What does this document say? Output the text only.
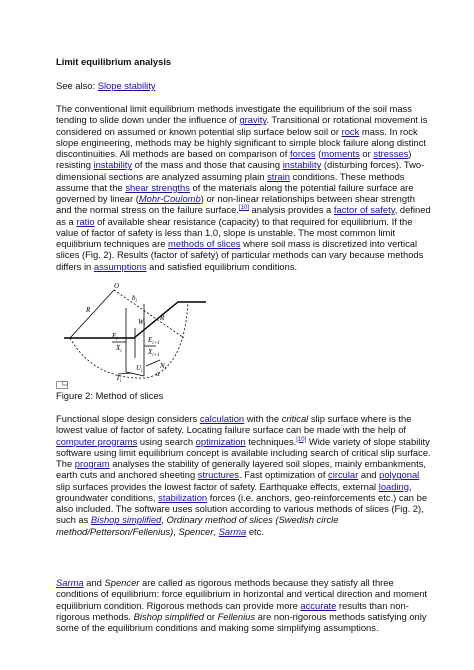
Limit equilibrium analysis
See also: Slope stability

The conventional limit equilibrium methods investigate the equilibrium of the soil mass tending to slide down under the influence of gravity. Transitional or rotational movement is considered on assumed or known potential slip surface below soil or rock mass. In rock slope engineering, methods may be highly significant to simple block failure along distinct discontinuities. All methods are based on comparison of forces (moments or stresses) resisting instability of the mass and those that causing instability (disturbing forces). Two-dimensional sections are analyzed assuming plain strain conditions. These methods assume that the shear strengths of the materials along the potential failure surface are governed by linear (Mohr-Coulomb) or non-linear relationships between shear strength and the normal stress on the failure surface.[10] analysis provides a factor of safety, defined as a ratio of available shear resistance (capacity) to that required for equilibrium. If the value of factor of safety is less than 1.0, slope is unstable. The most common limit equilibrium techniques are methods of slices where soil mass is discretized into vertical slices (Fig. 2). Results (factor of safety) of particular methods can vary because methods differs in assumptions and satisfied equilibrium conditions.

O
R
R
$b_i$
$W_i$
$E_i$
$X_i$
$E_{i+1}$
$X_{i+1}$
$T_i$
$N_i$
$U_i$ α
Figure 2: Method of slices

Functional slope design considers calculation with the critical slip surface where is the lowest value of factor of safety. Locating failure surface can be made with the help of computer programs using search optimization techniques.[10] Wide variety of slope stability software using limit equilibrium concept is available including search of critical slip surface. The program analyses the stability of generally layered soil slopes, mainly embankments, earth cuts and anchored sheeting structures. Fast optimization of circular and polygonal slip surfaces provides the lowest factor of safety. Earthquake effects, external loading, groundwater conditions, stabilization forces (i.e. anchors, geo-reinforcements etc.) can be also included. The software uses solution according to various methods of slices (Fig. 2), such as Bishop simplified, Ordinary method of slices (Swedish circle method/Petterson/Fellenius), Spencer, Sarma etc.

Sarma and Spencer are called as rigorous methods because they satisfy all three conditions of equilibrium: force equilibrium in horizontal and vertical direction and moment equilibrium condition. Rigorous methods can provide more accurate results than non-rigorous methods. Bishop simplified or Fellenius are non-rigorous methods satisfying only some of the equilibrium conditions and making some simplifying assumptions.
